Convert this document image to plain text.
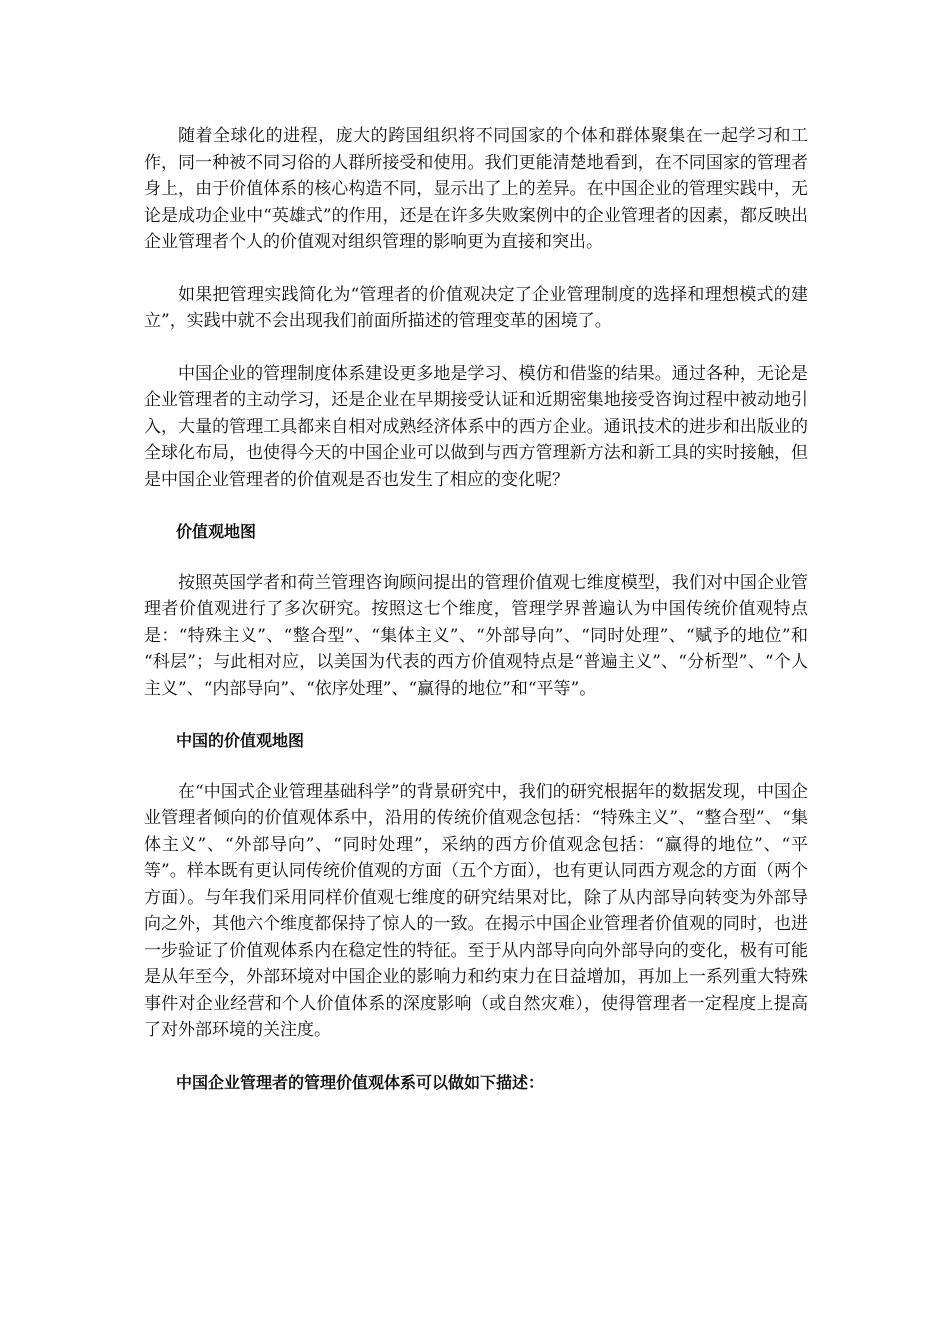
随着全球化的进程，庞大的跨国组织将不同国家的个体和群体聚集在一起学习和工作，同一种被不同习俗的人群所接受和使用。我们更能清楚地看到，在不同国家的管理者身上，由于价值体系的核心构造不同，显示出了上的差异。在中国企业的管理实践中，无论是成功企业中“英雄式”的作用，还是在许多失败案例中的企业管理者的因素，都反映出企业管理者个人的价值观对组织管理的影响更为直接和突出。

如果把管理实践简化为“管理者的价值观决定了企业管理制度的选择和理想模式的建立”，实践中就不会出现我们前面所描述的管理变革的困境了。

中国企业的管理制度体系建设更多地是学习、模仿和借鉴的结果。通过各种，无论是企业管理者的主动学习，还是企业在早期接受认证和近期密集地接受咨询过程中被动地引入，大量的管理工具都来自相对成熟经济体系中的西方企业。通讯技术的进步和出版业的全球化布局，也使得今天的中国企业可以做到与西方管理新方法和新工具的实时接触，但是中国企业管理者的价值观是否也发生了相应的变化呢？

价值观地图

按照英国学者和荷兰管理咨询顾问提出的管理价值观七维度模型，我们对中国企业管理者价值观进行了多次研究。按照这七个维度，管理学界普遍认为中国传统价值观特点是：“特殊主义”、“整合型”、“集体主义”、“外部导向”、“同时处理”、“赋予的地位”和 “科层”；与此相对应，以美国为代表的西方价值观特点是“普遍主义”、“分析型”、“个人主义”、“内部导向”、“依序处理”、“赢得的地位”和“平等”。

中国的价值观地图

在“中国式企业管理基础科学”的背景研究中，我们的研究根据年的数据发现，中国企业管理者倾向的价值观体系中，沿用的传统价值观念包括：“特殊主义”、“整合型”、“集体主义”、“外部导向”、“同时处理”，采纳的西方价值观念包括：“赢得的地位”、“平等”。样本既有更认同传统价值观的方面（五个方面），也有更认同西方观念的方面（两个方面）。与年我们采用同样价值观七维度的研究结果对比，除了从内部导向转变为外部导向之外，其他六个维度都保持了惊人的一致。在揭示中国企业管理者价值观的同时，也进一步验证了价值观体系内在稳定性的特征。至于从内部导向向外部导向的变化，极有可能是从年至今，外部环境对中国企业的影响力和约束力在日益增加，再加上一系列重大特殊事件对企业经营和个人价值体系的深度影响（或自然灾难），使得管理者一定程度上提高了对外部环境的关注度。

中国企业管理者的管理价值观体系可以做如下描述：
